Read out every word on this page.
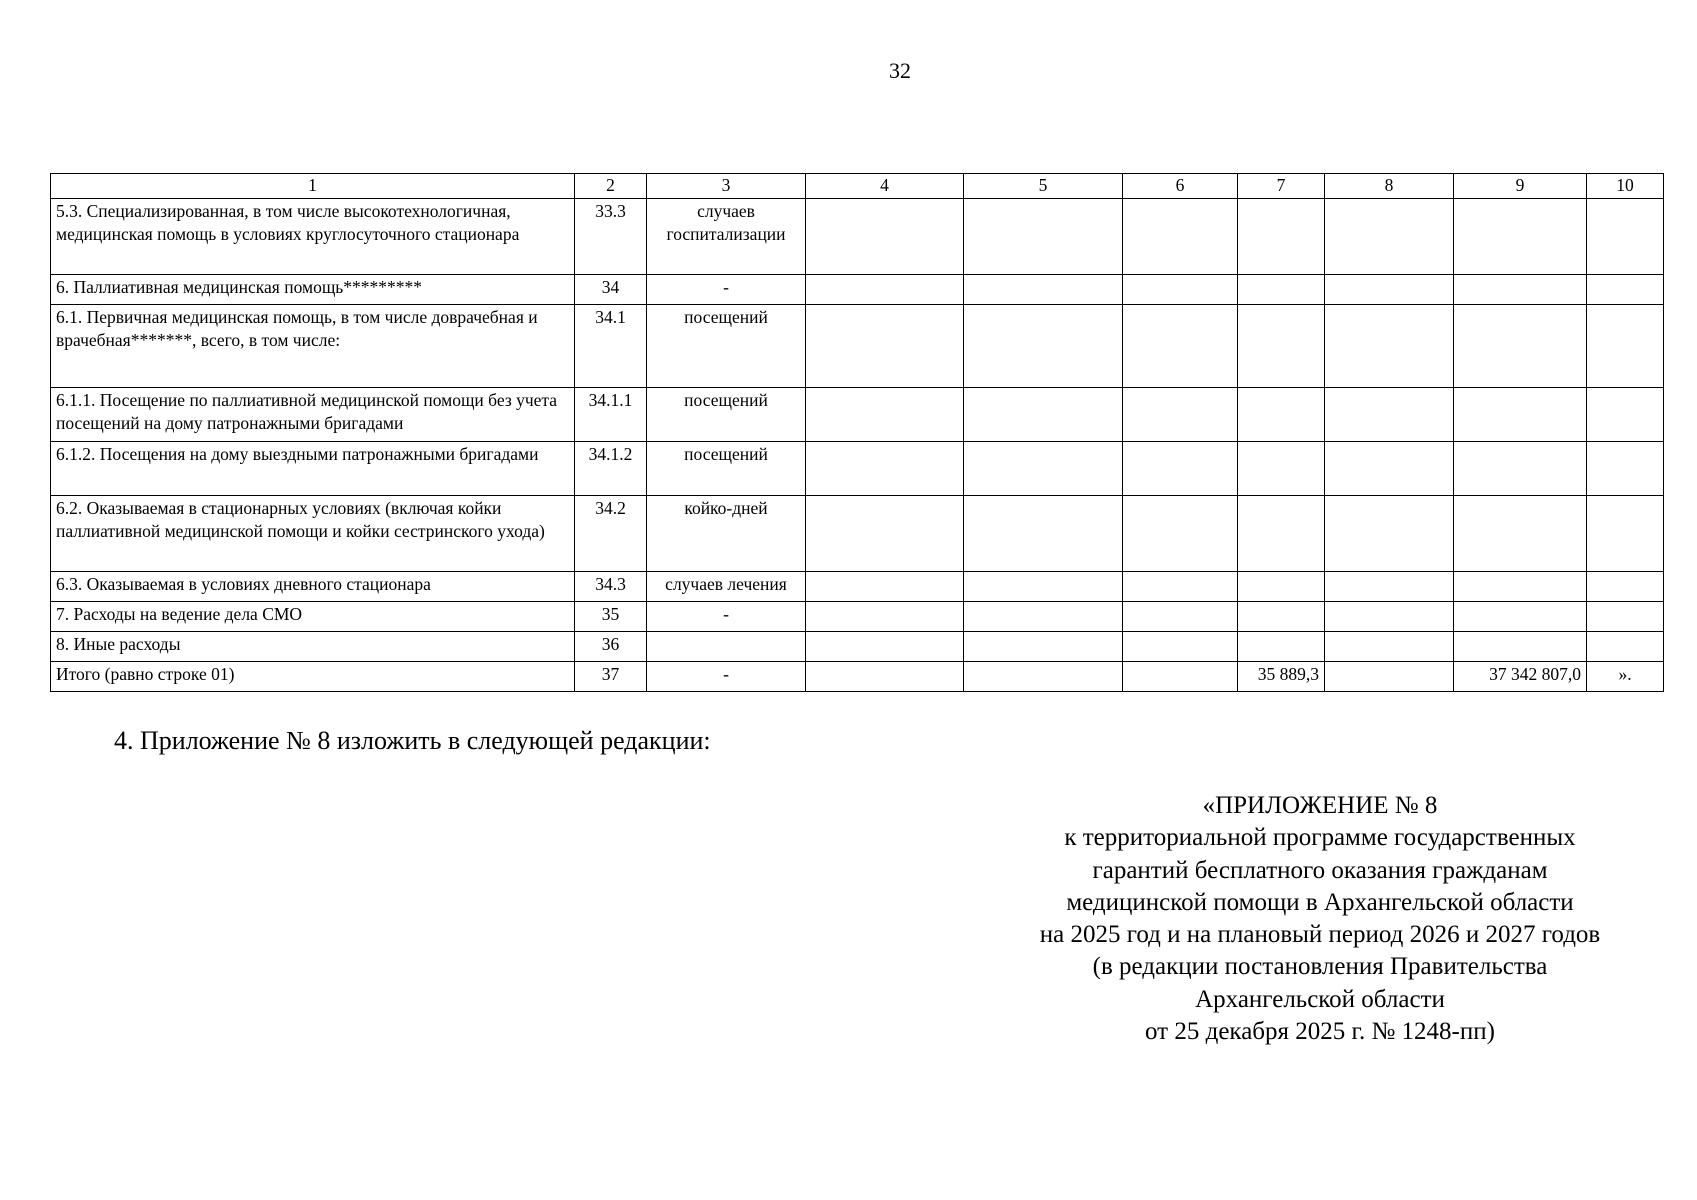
32
1	2	3	4	5	6	7	8	9	10
5.3. Специализированная, в том числе высокотехнологичная, медицинская помощь в условиях круглосуточного стационара	33.3	случаев госпитализации							
6. Паллиативная медицинская помощь*********	34	-							
6.1. Первичная медицинская помощь, в том числе доврачебная и врачебная*******, всего, в том числе:	34.1	посещений							
6.1.1. Посещение по паллиативной медицинской помощи без учета посещений на дому патронажными бригадами	34.1.1	посещений							
6.1.2. Посещения на дому выездными патронажными бригадами	34.1.2	посещений							
6.2. Оказываемая в стационарных условиях (включая койки паллиативной медицинской помощи и койки сестринского ухода)	34.2	койко-дней							
6.3. Оказываемая в условиях дневного стационара	34.3	случаев лечения							
7. Расходы на ведение дела СМО	35	-							
8. Иные расходы	36								
Итого (равно строке 01)	37	-				35 889,3		37 342 807,0	».
4. Приложение № 8 изложить в следующей редакции:
«ПРИЛОЖЕНИЕ № 8
к территориальной программе государственных
гарантий бесплатного оказания гражданам
медицинской помощи в Архангельской области
на 2025 год и на плановый период 2026 и 2027 годов
(в редакции постановления Правительства
Архангельской области
от 25 декабря 2025 г. № 1248-пп)
